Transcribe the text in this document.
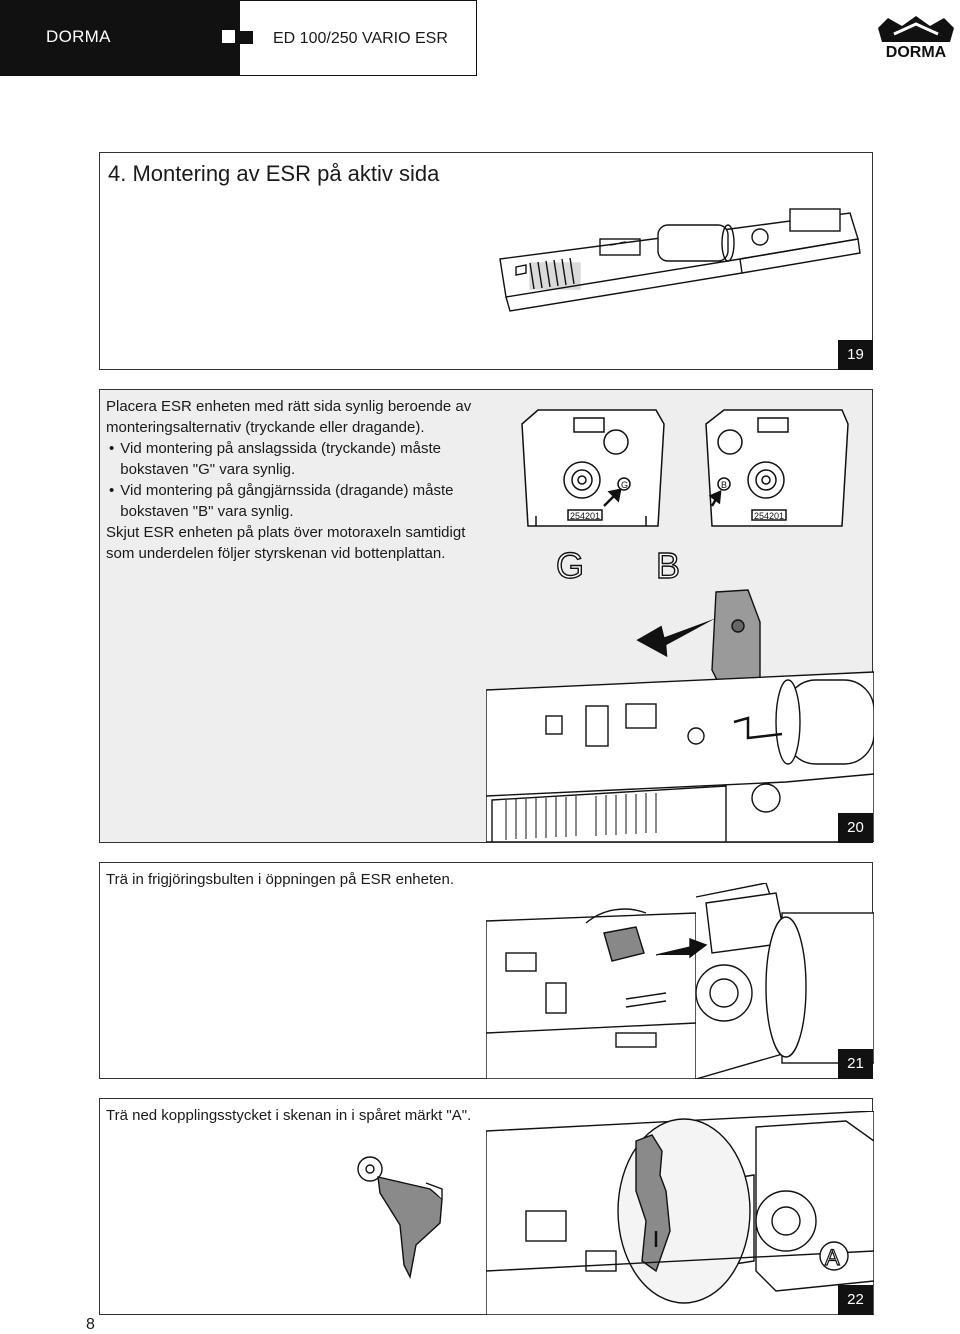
DORMA	ED 100/250 VARIO ESR
DORMA
4. Montering av ESR på aktiv sida
19
Placera ESR enheten med rätt sida synlig beroende av monteringsalternativ (tryckande eller dragande).
• Vid montering på anslagssida (tryckande) måste bokstaven "G" vara synlig.
• Vid montering på gångjärnssida (dragande) måste bokstaven "B" vara synlig.
Skjut ESR enheten på plats över motoraxeln samtidigt som underdelen följer styrskenan vid bottenplattan.
254201	254201
G	B
G B
20
Trä in frigjöringsbulten i öppningen på ESR enheten.
21
Trä ned kopplingsstycket i skenan in i spåret märkt "A".
A
22
8
